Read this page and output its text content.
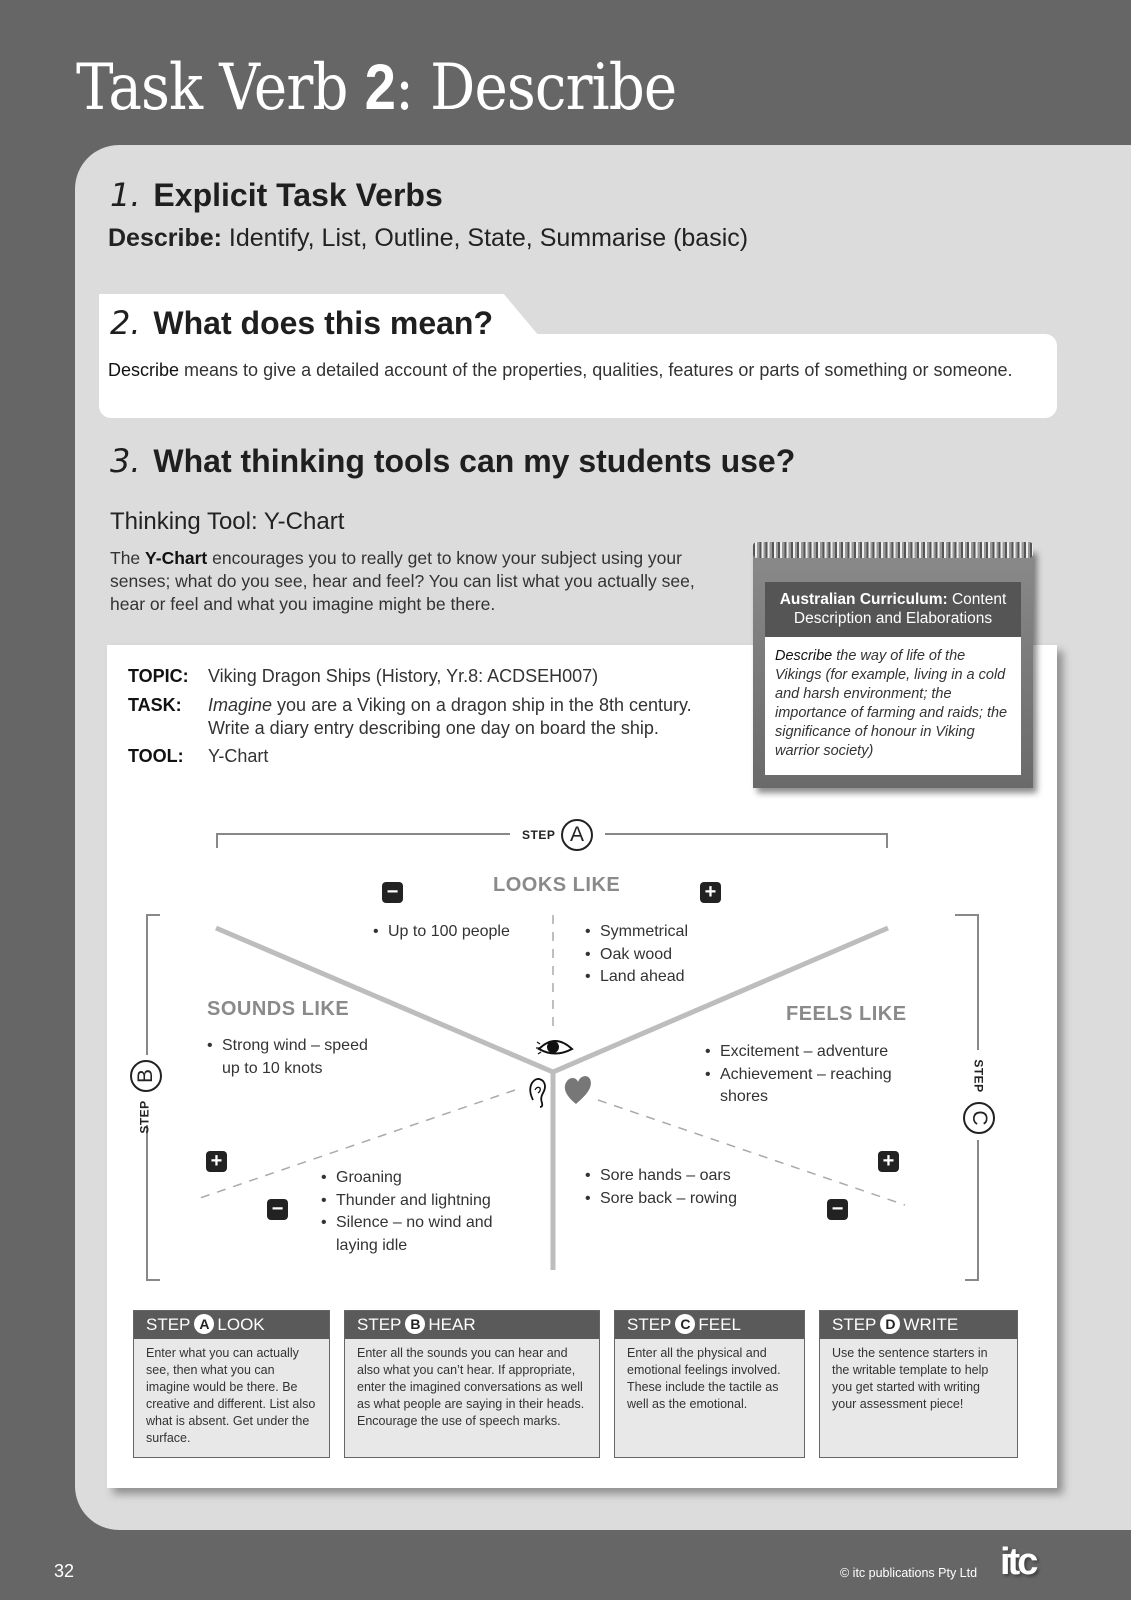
Task Verb 2: Describe
1. Explicit Task Verbs
Describe: Identify, List, Outline, State, Summarise (basic)
2. What does this mean?
Describe means to give a detailed account of the properties, qualities, features or parts of something or someone.
3. What thinking tools can my students use?
Thinking Tool: Y-Chart
The Y-Chart encourages you to really get to know your subject using your senses; what do you see, hear and feel? You can list what you actually see, hear or feel and what you imagine might be there.
TOPIC: Viking Dragon Ships (History, Yr.8: ACDSEH007)
TASK: Imagine you are a Viking on a dragon ship in the 8th century.
Write a diary entry describing one day on board the ship.
TOOL: Y-Chart
Australian Curriculum: Content Description and Elaborations
Describe the way of life of the Vikings (for example, living in a cold and harsh environment; the importance of farming and raids; the significance of honour in Viking warrior society)
STEP A
B
STEP
STEP
C
LOOKS LIKE
SOUNDS LIKE	FEELS LIKE
−	+
+
−
+
−
• Up to 100 people	• Symmetrical
• Oak wood
• Land ahead
• Strong wind – speed up to 10 knots
• Groaning
• Thunder and lightning
• Silence – no wind and laying idle
• Excitement – adventure
• Achievement – reaching shores
• Sore hands – oars
• Sore back – rowing
STEP A LOOK
Enter what you can actually see, then what you can imagine would be there. Be creative and different. List also what is absent. Get under the surface.
STEP B HEAR
Enter all the sounds you can hear and also what you can’t hear. If appropriate, enter the imagined conversations as well as what people are saying in their heads. Encourage the use of speech marks.
STEP C FEEL
Enter all the physical and emotional feelings involved. These include the tactile as well as the emotional.
STEP D WRITE
Use the sentence starters in the writable template to help you get started with writing your assessment piece!
32	© itc publications Pty Ltd itc
